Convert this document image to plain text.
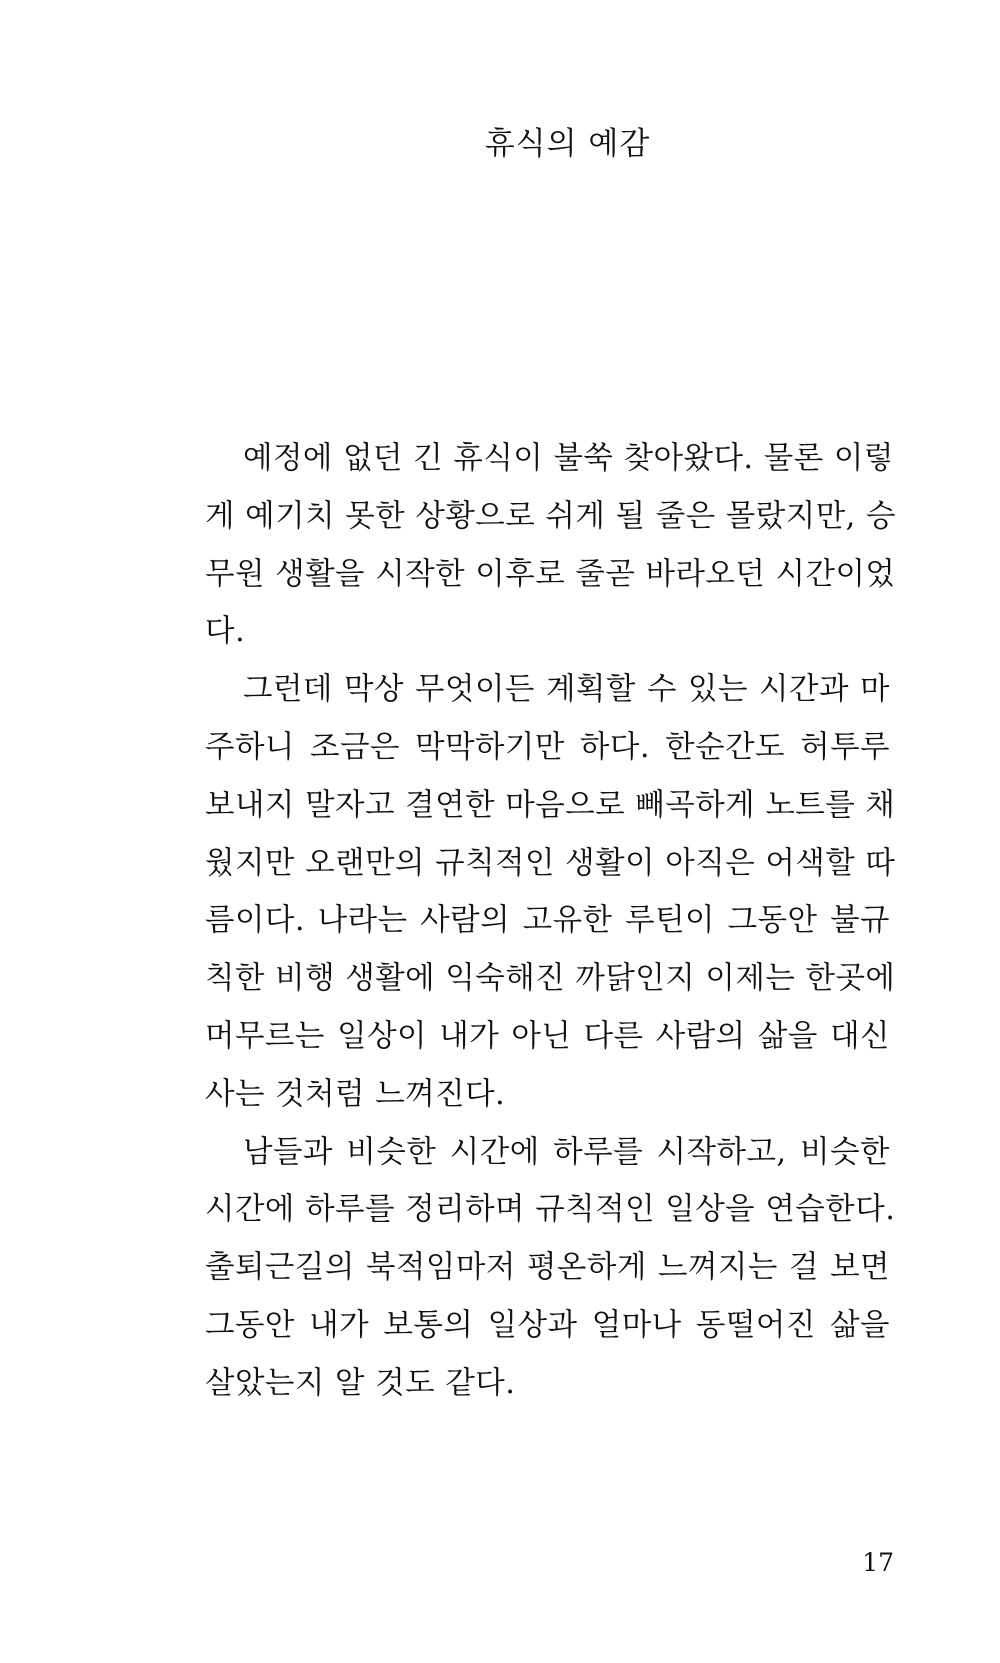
휴식의 예감
예정에 없던 긴 휴식이 불쑥 찾아왔다. 물론 이렇
게 예기치 못한 상황으로 쉬게 될 줄은 몰랐지만, 승
무원 생활을 시작한 이후로 줄곧 바라오던 시간이었
다.
그런데 막상 무엇이든 계획할 수 있는 시간과 마
주하니 조금은 막막하기만 하다. 한순간도 허투루
보내지 말자고 결연한 마음으로 빼곡하게 노트를 채
웠지만 오랜만의 규칙적인 생활이 아직은 어색할 따
름이다. 나라는 사람의 고유한 루틴이 그동안 불규
칙한 비행 생활에 익숙해진 까닭인지 이제는 한곳에
머무르는 일상이 내가 아닌 다른 사람의 삶을 대신
사는 것처럼 느껴진다.
남들과 비슷한 시간에 하루를 시작하고, 비슷한
시간에 하루를 정리하며 규칙적인 일상을 연습한다.
출퇴근길의 북적임마저 평온하게 느껴지는 걸 보면
그동안 내가 보통의 일상과 얼마나 동떨어진 삶을
살았는지 알 것도 같다.

17
